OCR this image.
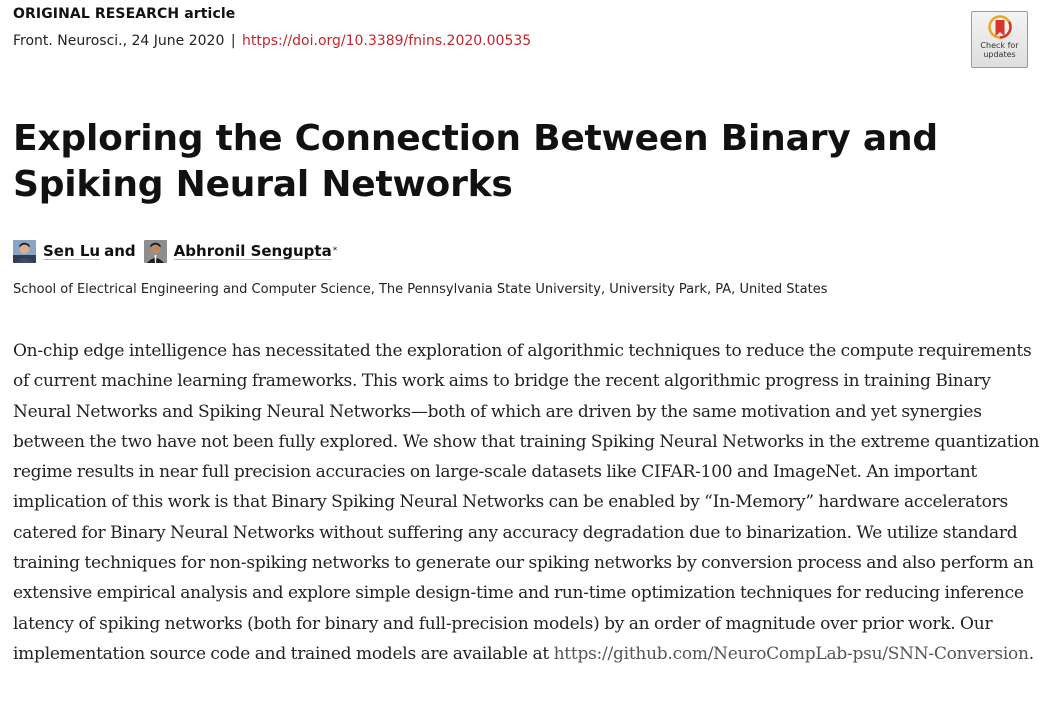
ORIGINAL RESEARCH article
Front. Neurosci., 24 June 2020 | https://doi.org/10.3389/fnins.2020.00535	Check for
updates
Exploring the Connection Between Binary and Spiking Neural Networks
Sen Lu and	Abhronil Sengupta *
School of Electrical Engineering and Computer Science, The Pennsylvania State University, University Park, PA, United States

On-chip edge intelligence has necessitated the exploration of algorithmic techniques to reduce the compute requirements of current machine learning frameworks. This work aims to bridge the recent algorithmic progress in training Binary Neural Networks and Spiking Neural Networks—both of which are driven by the same motivation and yet synergies between the two have not been fully explored. We show that training Spiking Neural Networks in the extreme quantization regime results in near full precision accuracies on large-scale datasets like CIFAR-100 and ImageNet. An important implication of this work is that Binary Spiking Neural Networks can be enabled by “In-Memory” hardware accelerators catered for Binary Neural Networks without suffering any accuracy degradation due to binarization. We utilize standard training techniques for non-spiking networks to generate our spiking networks by conversion process and also perform an extensive empirical analysis and explore simple design-time and run-time optimization techniques for reducing inference latency of spiking networks (both for binary and full-precision models) by an order of magnitude over prior work. Our implementation source code and trained models are available at https://github.com/NeuroCompLab-psu/SNN-Conversion.
